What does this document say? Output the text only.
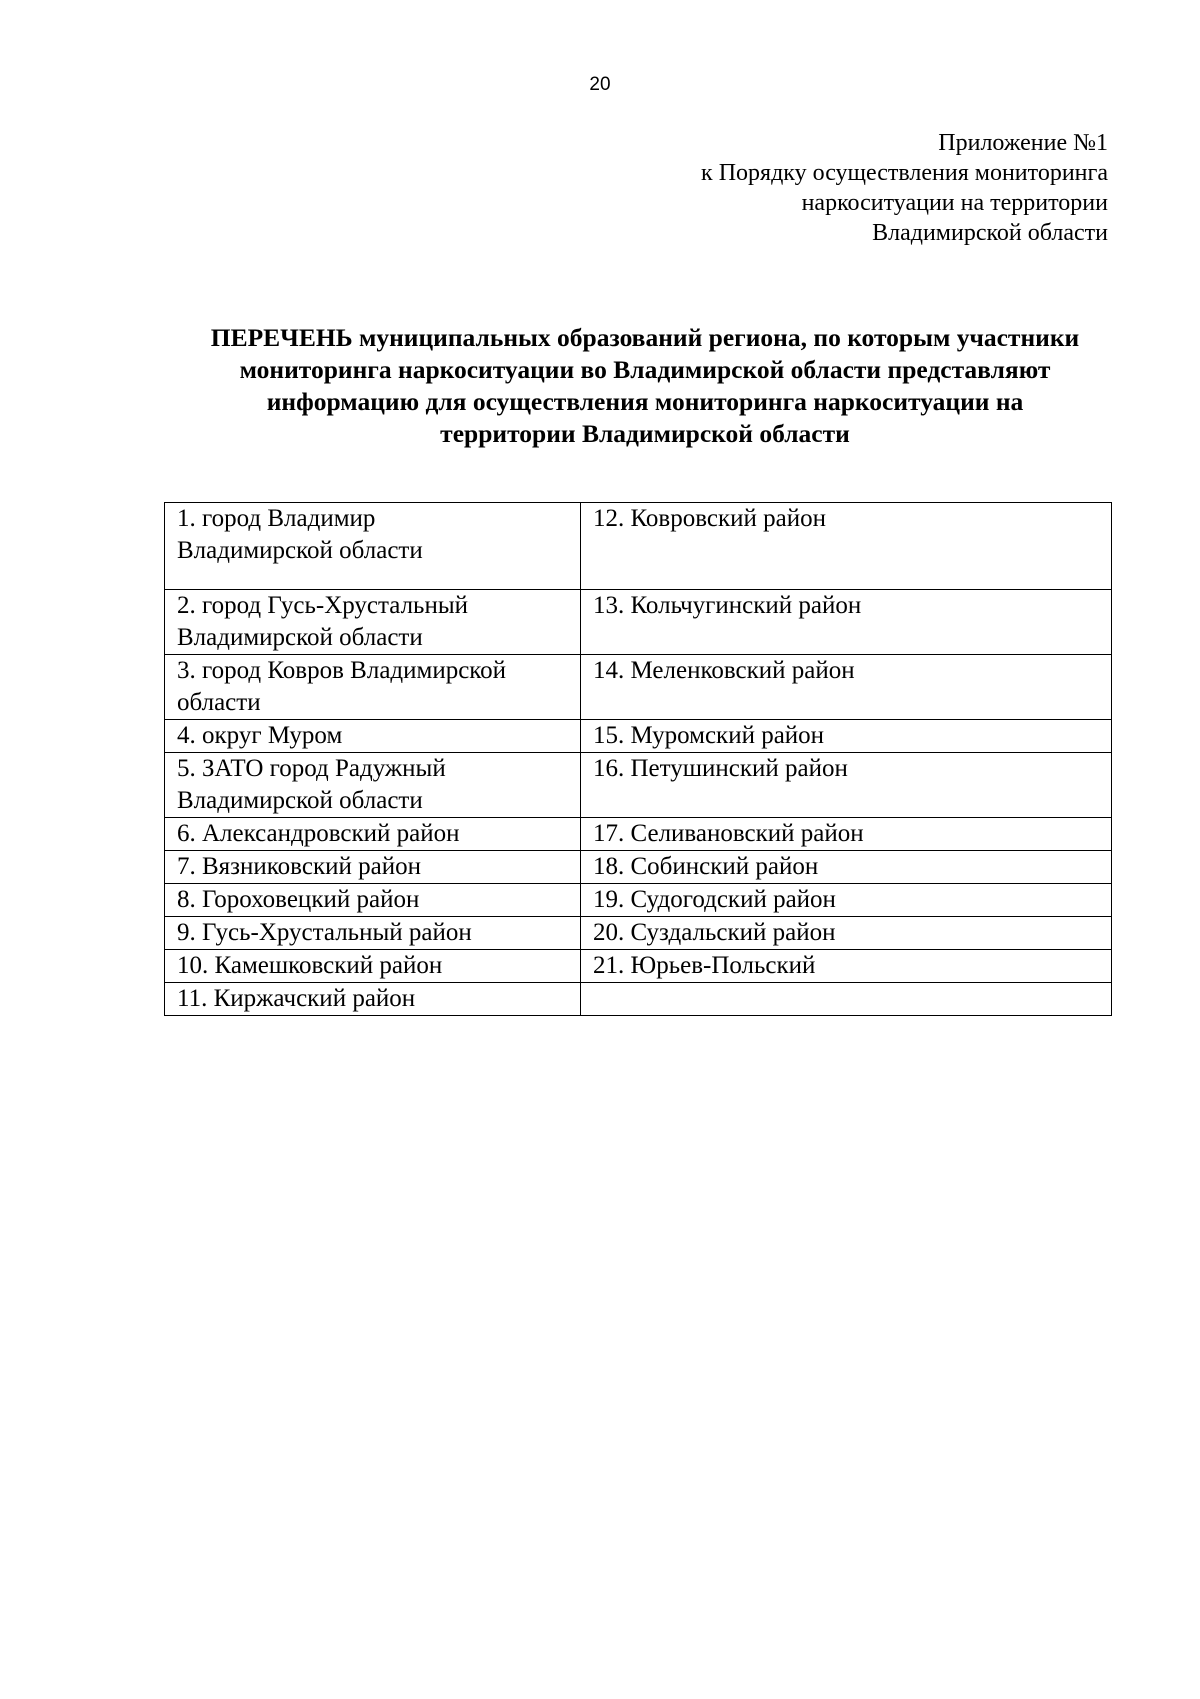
20
Приложение №1
к Порядку осуществления мониторинга
наркоситуации на территории
Владимирской области
ПЕРЕЧЕНЬ муниципальных образований региона, по которым участники
мониторинга наркоситуации во Владимирской области представляют
информацию для осуществления мониторинга наркоситуации на
территории Владимирской области
1. город Владимир
Владимирской области	12. Ковровский район

2. город Гусь-Хрустальный
Владимирской области	13. Кольчугинский район

3. город Ковров Владимирской
области	14. Меленковский район

4. округ Муром	15. Муромский район

5. ЗАТО город Радужный
Владимирской области	16. Петушинский район

6. Александровский район	17. Селивановский район

7. Вязниковский район	18. Собинский район

8. Гороховецкий район	19. Судогодский район

9. Гусь-Хрустальный район	20. Суздальский район

10. Камешковский район	21. Юрьев-Польский

11. Киржачский район	
